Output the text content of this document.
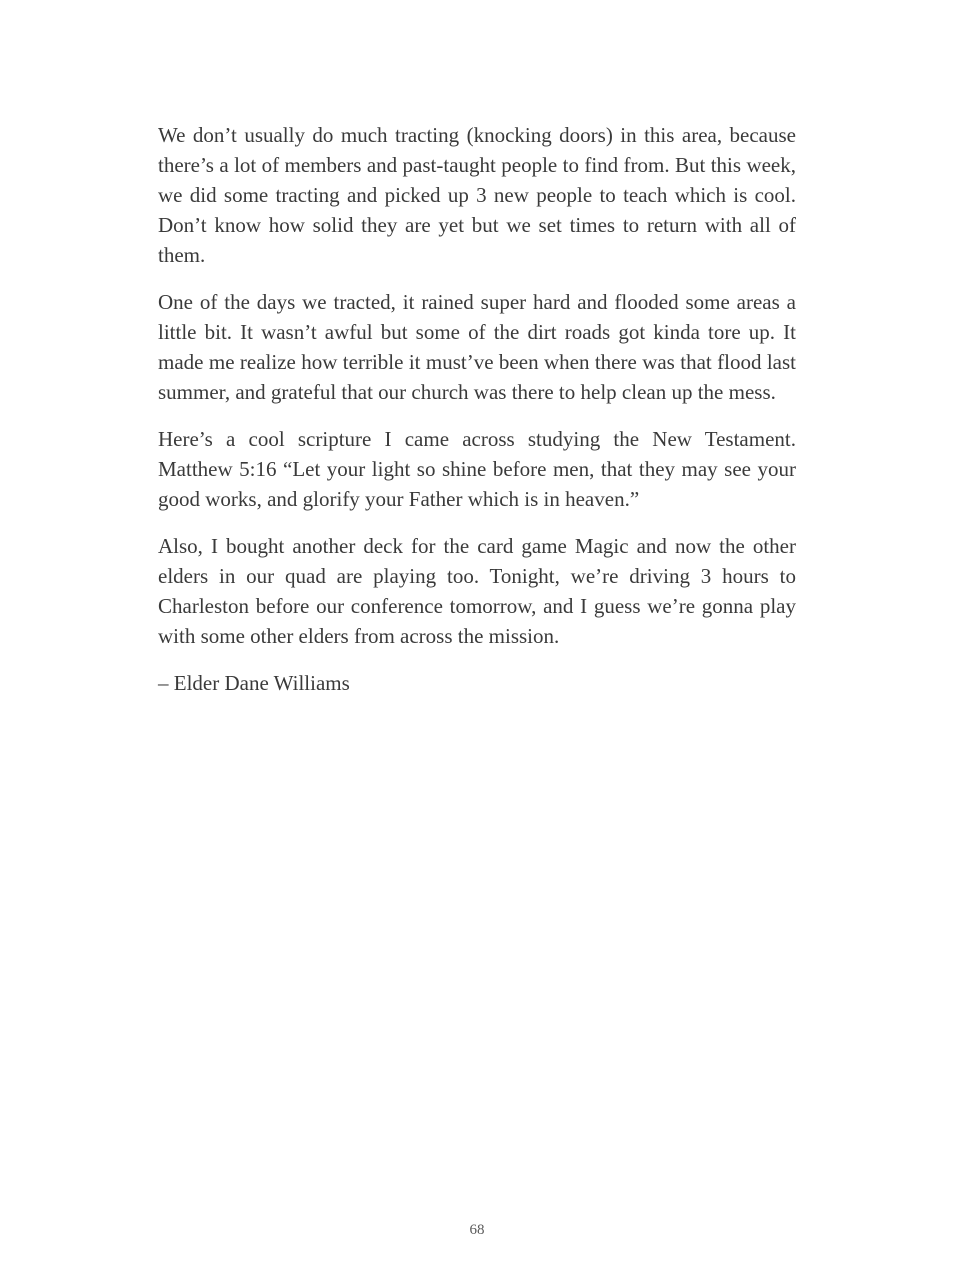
We don’t usually do much tracting (knocking doors) in this area, because there’s a lot of members and past-taught people to find from. But this week, we did some tracting and picked up 3 new people to teach which is cool. Don’t know how solid they are yet but we set times to return with all of them.

One of the days we tracted, it rained super hard and flooded some areas a little bit. It wasn’t awful but some of the dirt roads got kinda tore up. It made me realize how terrible it must’ve been when there was that flood last summer, and grateful that our church was there to help clean up the mess.

Here’s a cool scripture I came across studying the New Testament. Matthew 5:16 “Let your light so shine before men, that they may see your good works, and glorify your Father which is in heaven.”

Also, I bought another deck for the card game Magic and now the other elders in our quad are playing too. Tonight, we’re driving 3 hours to Charleston before our conference tomorrow, and I guess we’re gonna play with some other elders from across the mission.

– Elder Dane Williams

68
